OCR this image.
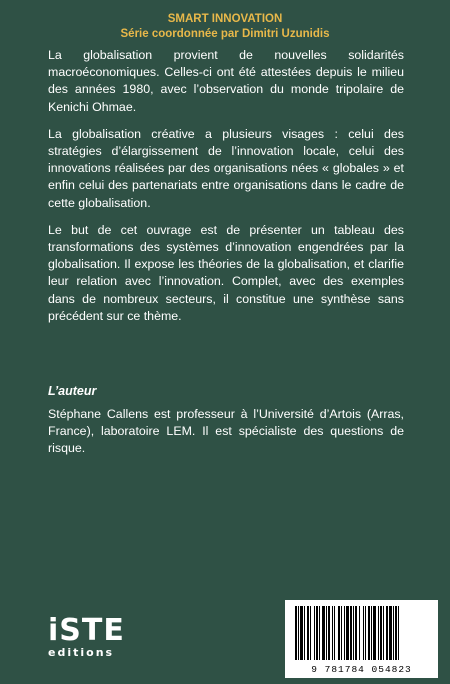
SMART INNOVATION
Série coordonnée par Dimitri Uzunidis

La globalisation provient de nouvelles solidarités macroéconomiques. Celles-ci ont été attestées depuis le milieu des années 1980, avec l’observation du monde tripolaire de Kenichi Ohmae.

La globalisation créative a plusieurs visages : celui des stratégies d’élargissement de l’innovation locale, celui des innovations réalisées par des organisations nées « globales » et enfin celui des partenariats entre organisations dans le cadre de cette globalisation.

Le but de cet ouvrage est de présenter un tableau des transformations des systèmes d’innovation engendrées par la globalisation. Il expose les théories de la globalisation, et clarifie leur relation avec l’innovation. Complet, avec des exemples dans de nombreux secteurs, il constitue une synthèse sans précédent sur ce thème.

L’auteur
Stéphane Callens est professeur à l’Université d’Artois (Arras, France), laboratoire LEM. Il est spécialiste des questions de risque.
iSTE
editions
9 781784 054823
